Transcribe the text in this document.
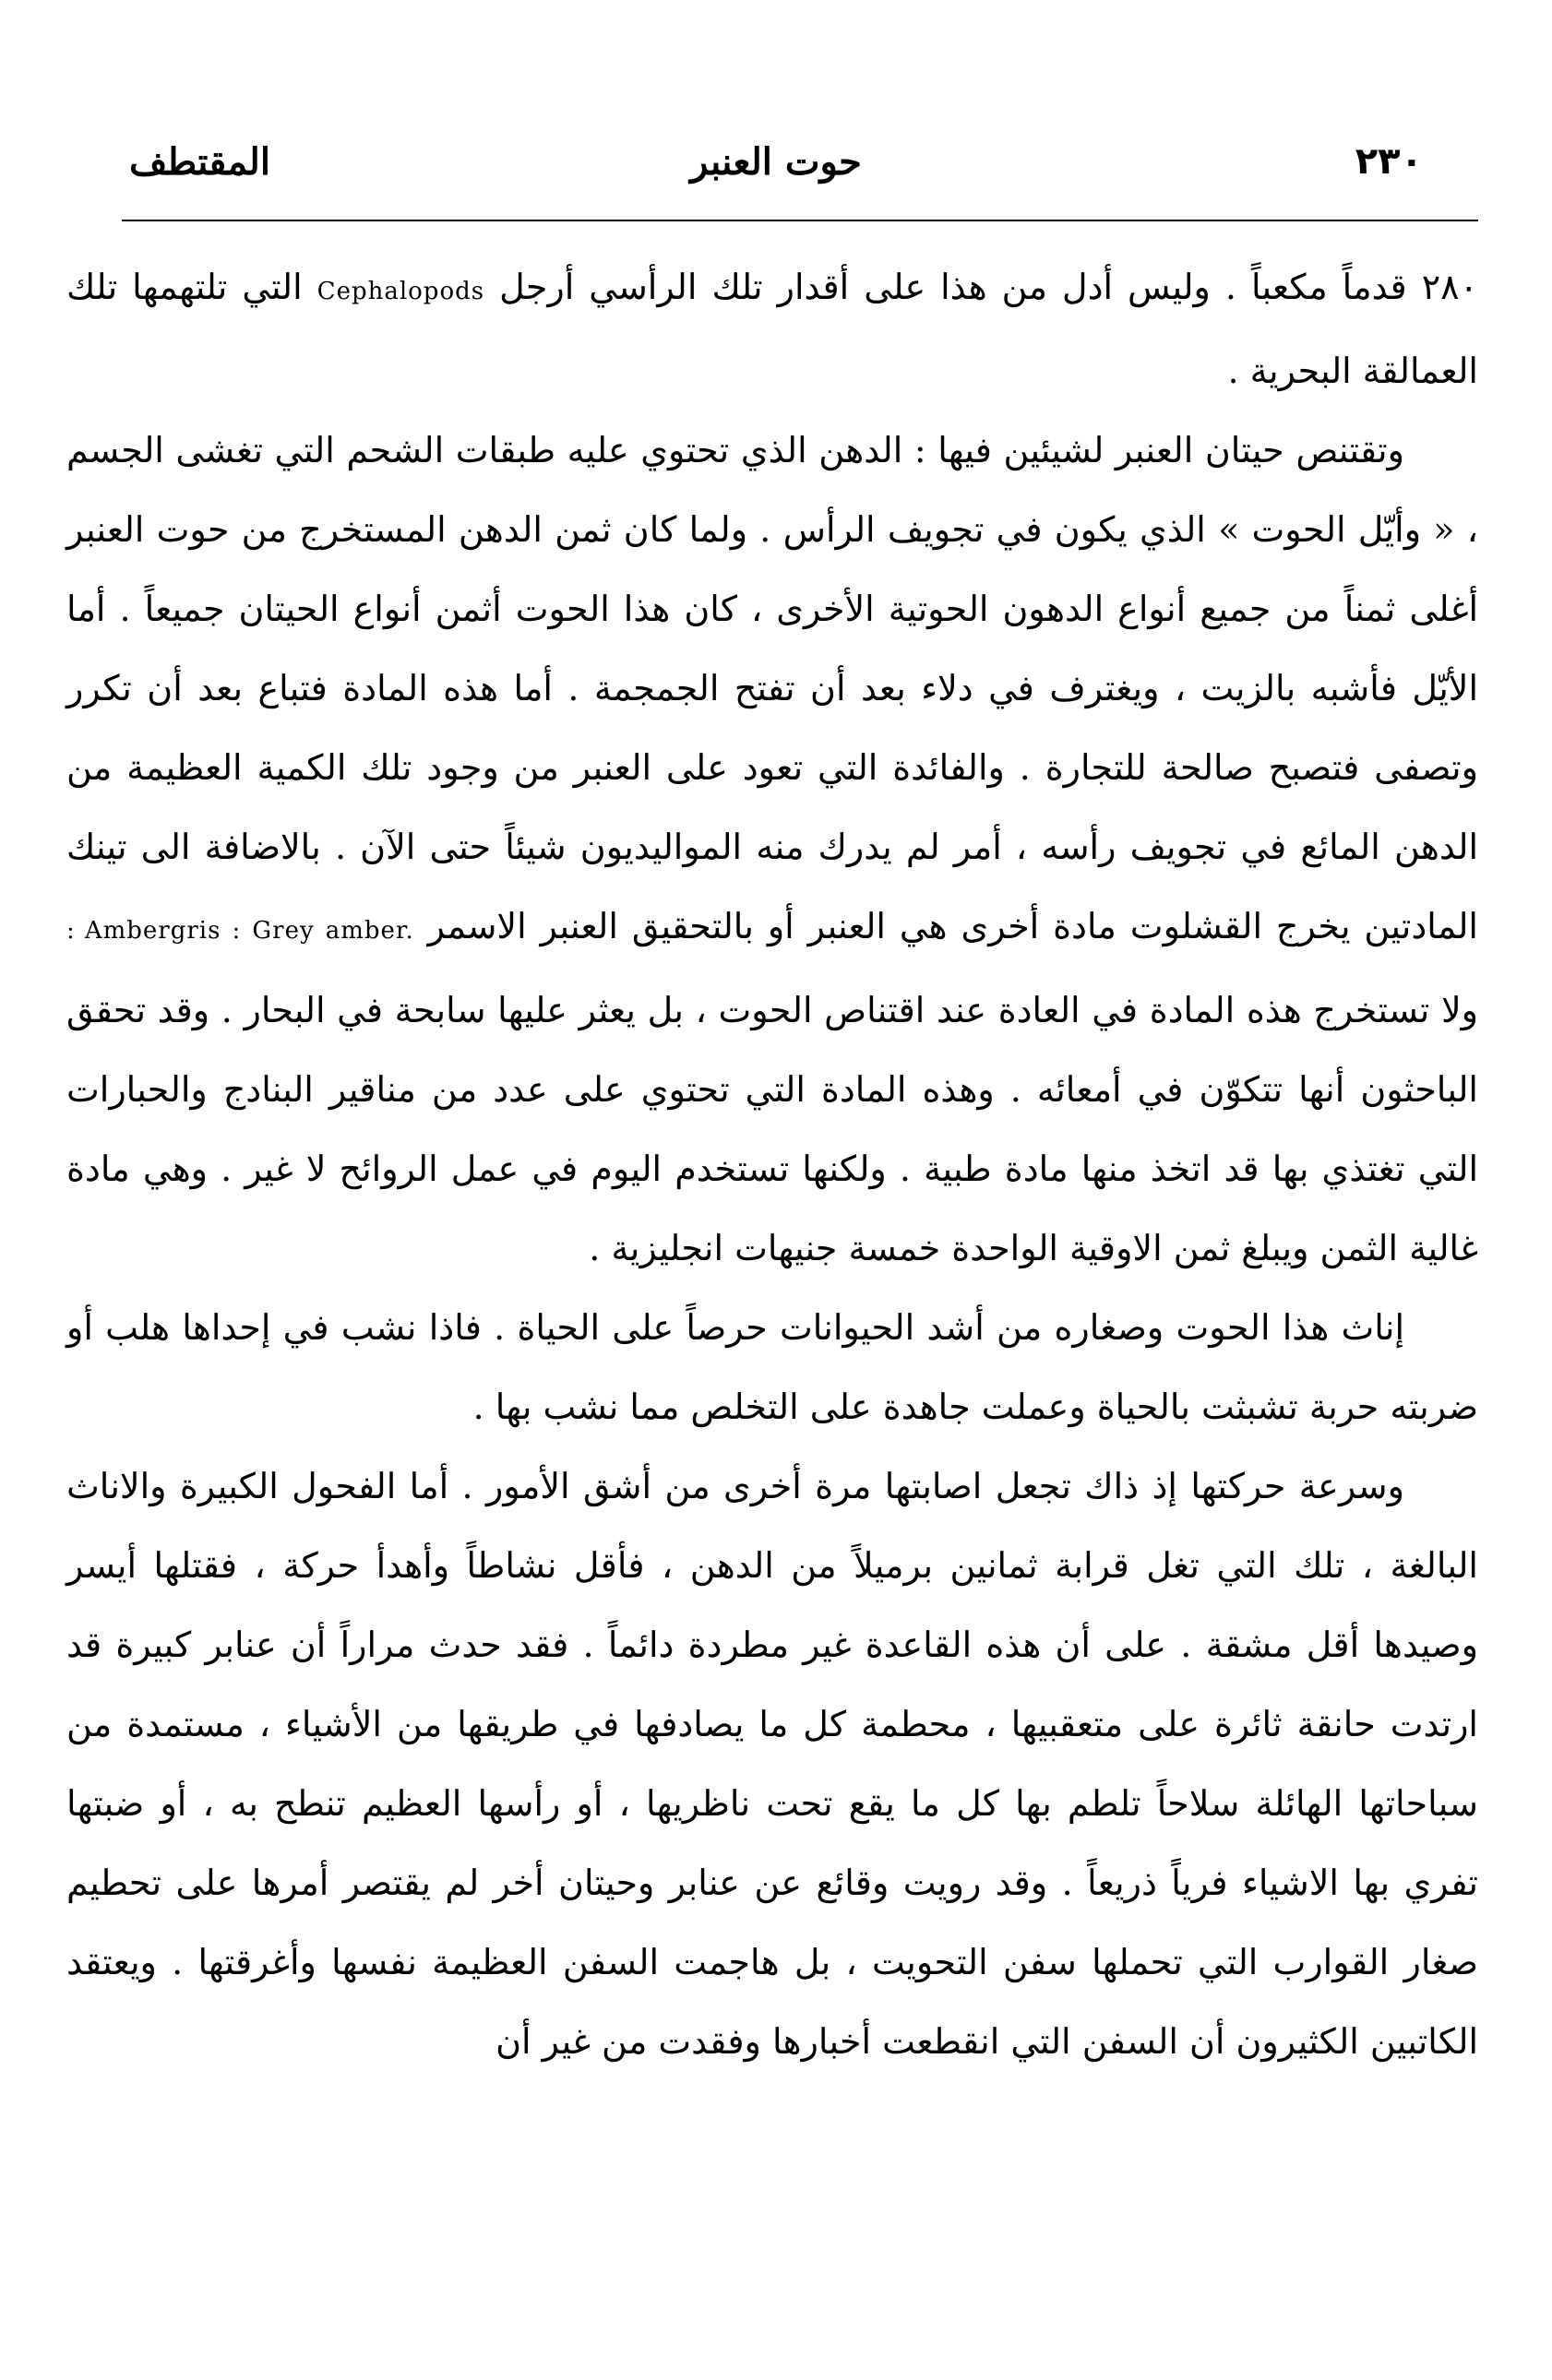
٢٣٠
حوت العنبر
المقتطف

٢٨٠ قدماً مكعباً . وليس أدل من هذا على أقدار تلك الرأسي أرجل Cephalopods التي تلتهمها تلك العمالقة البحرية .

وتقتنص حيتان العنبر لشيئين فيها : الدهن الذي تحتوي عليه طبقات الشحم التي تغشى الجسم ، « وأيّل الحوت » الذي يكون في تجويف الرأس . ولما كان ثمن الدهن المستخرج من حوت العنبر أغلى ثمناً من جميع أنواع الدهون الحوتية الأخرى ، كان هذا الحوت أثمن أنواع الحيتان جميعاً . أما الأيّل فأشبه بالزيت ، ويغترف في دلاء بعد أن تفتح الجمجمة . أما هذه المادة فتباع بعد أن تكرر وتصفى فتصبح صالحة للتجارة . والفائدة التي تعود على العنبر من وجود تلك الكمية العظيمة من الدهن المائع في تجويف رأسه ، أمر لم يدرك منه المواليديون شيئاً حتى الآن . بالاضافة الى تينك المادتين يخرج القشلوت مادة أخرى هي العنبر أو بالتحقيق العنبر الاسمر : Ambergris : Grey amber. ولا تستخرج هذه المادة في العادة عند اقتناص الحوت ، بل يعثر عليها سابحة في البحار . وقد تحقق الباحثون أنها تتكوّن في أمعائه . وهذه المادة التي تحتوي على عدد من مناقير البنادج والحبارات التي تغتذي بها قد اتخذ منها مادة طبية . ولكنها تستخدم اليوم في عمل الروائح لا غير . وهي مادة غالية الثمن ويبلغ ثمن الاوقية الواحدة خمسة جنيهات انجليزية .

إناث هذا الحوت وصغاره من أشد الحيوانات حرصاً على الحياة . فاذا نشب في إحداها هلب أو ضربته حربة تشبثت بالحياة وعملت جاهدة على التخلص مما نشب بها .

وسرعة حركتها إذ ذاك تجعل اصابتها مرة أخرى من أشق الأمور . أما الفحول الكبيرة والاناث البالغة ، تلك التي تغل قرابة ثمانين برميلاً من الدهن ، فأقل نشاطاً وأهدأ حركة ، فقتلها أيسر وصيدها أقل مشقة . على أن هذه القاعدة غير مطردة دائماً . فقد حدث مراراً أن عنابر كبيرة قد ارتدت حانقة ثائرة على متعقبيها ، محطمة كل ما يصادفها في طريقها من الأشياء ، مستمدة من سباحاتها الهائلة سلاحاً تلطم بها كل ما يقع تحت ناظريها ، أو رأسها العظيم تنطح به ، أو ضبتها تفري بها الاشياء فرياً ذريعاً . وقد رويت وقائع عن عنابر وحيتان أخر لم يقتصر أمرها على تحطيم صغار القوارب التي تحملها سفن التحويت ، بل هاجمت السفن العظيمة نفسها وأغرقتها . ويعتقد الكاتبين الكثيرون أن السفن التي انقطعت أخبارها وفقدت من غير أن
